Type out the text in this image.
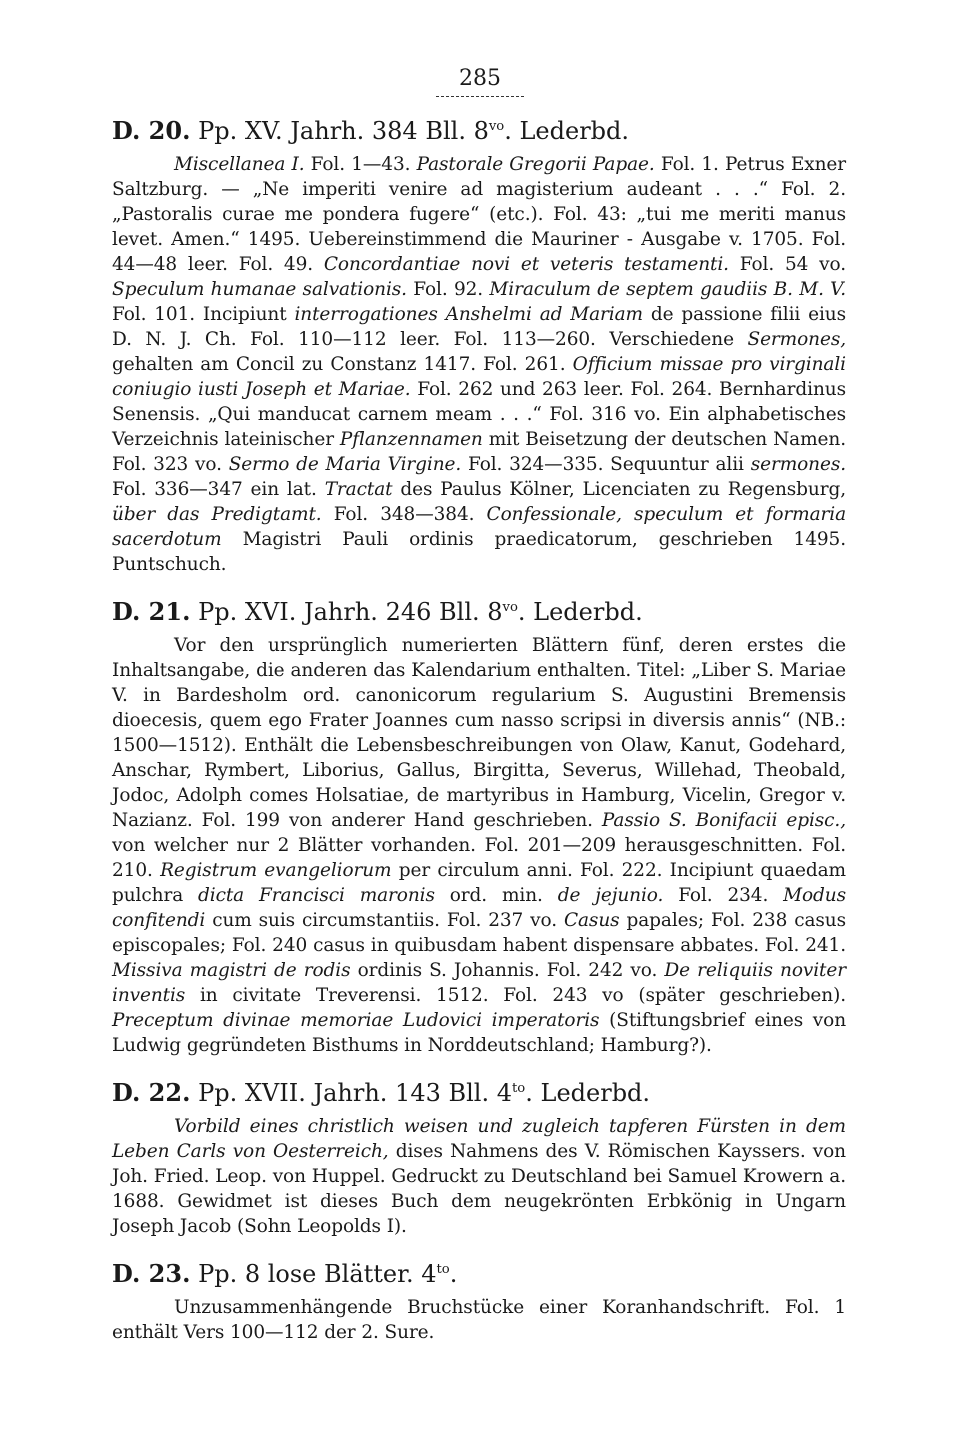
285

D. 20. Pp. XV. Jahrh. 384 Bll. $8^{vo}$. Lederbd.

Miscellanea I. Fol. 1—43. Pastorale Gregorii Papae. Fol. 1. Petrus Exner Saltzburg. — „Ne imperiti venire ad magisterium audeant . . .“ Fol. 2. „Pastoralis curae me pondera fugere“ (etc.). Fol. 43: „tui me meriti manus levet. Amen.“ 1495. Uebereinstimmend die Mauriner - Ausgabe v. 1705. Fol. 44—48 leer. Fol. 49. Concordantiae novi et veteris testamenti. Fol. 54 vo. Speculum humanae salvationis. Fol. 92. Miraculum de septem gaudiis B. M. V. Fol. 101. Incipiunt interrogationes Anshelmi ad Mariam de passione filii eius D. N. J. Ch. Fol. 110—112 leer. Fol. 113—260. Verschiedene Sermones, gehalten am Concil zu Constanz 1417. Fol. 261. Officium missae pro virginali coniugio iusti Joseph et Mariae. Fol. 262 und 263 leer. Fol. 264. Bernhardinus Senensis. „Qui manducat carnem meam . . .“ Fol. 316 vo. Ein alphabetisches Verzeichnis lateinischer Pflanzennamen mit Beisetzung der deutschen Namen. Fol. 323 vo. Sermo de Maria Virgine. Fol. 324—335. Sequuntur alii sermones. Fol. 336—347 ein lat. Tractat des Paulus Kölner, Licenciaten zu Regensburg, über das Predigtamt. Fol. 348—384. Confessionale, speculum et formaria sacerdotum Magistri Pauli ordinis praedicatorum, geschrieben 1495. Puntschuch.

D. 21. Pp. XVI. Jahrh. 246 Bll. $8^{vo}$. Lederbd.

Vor den ursprünglich numerierten Blättern fünf, deren erstes die Inhaltsangabe, die anderen das Kalendarium enthalten. Titel: „Liber S. Mariae V. in Bardesholm ord. canonicorum regularium S. Augustini Bremensis dioecesis, quem ego Frater Joannes cum nasso scripsi in diversis annis“ (NB.: 1500—1512). Enthält die Lebensbeschreibungen von Olaw, Kanut, Godehard, Anschar, Rymbert, Liborius, Gallus, Birgitta, Severus, Willehad, Theobald, Jodoc, Adolph comes Holsatiae, de martyribus in Hamburg, Vicelin, Gregor v. Nazianz. Fol. 199 von anderer Hand geschrieben. Passio S. Bonifacii episc., von welcher nur 2 Blätter vorhanden. Fol. 201—209 herausgeschnitten. Fol. 210. Registrum evangeliorum per circulum anni. Fol. 222. Incipiunt quaedam pulchra dicta Francisci maronis ord. min. de jejunio. Fol. 234. Modus confitendi cum suis circumstantiis. Fol. 237 vo. Casus papales; Fol. 238 casus episcopales; Fol. 240 casus in quibusdam habent dispensare abbates. Fol. 241. Missiva magistri de rodis ordinis S. Johannis. Fol. 242 vo. De reliquiis noviter inventis in civitate Treverensi. 1512. Fol. 243 vo (später geschrieben). Preceptum divinae memoriae Ludovici imperatoris (Stiftungsbrief eines von Ludwig gegründeten Bisthums in Norddeutschland; Hamburg?).

D. 22. Pp. XVII. Jahrh. 143 Bll. $4^{to}$. Lederbd.

Vorbild eines christlich weisen und zugleich tapferen Fürsten in dem Leben Carls von Oesterreich, dises Nahmens des V. Römischen Kayssers. von Joh. Fried. Leop. von Huppel. Gedruckt zu Deutschland bei Samuel Krowern a. 1688. Gewidmet ist dieses Buch dem neugekrönten Erbkönig in Ungarn Joseph Jacob (Sohn Leopolds I).

D. 23. Pp. 8 lose Blätter. $4^{to}$.

Unzusammenhängende Bruchstücke einer Koranhandschrift. Fol. 1 enthält Vers 100—112 der 2. Sure.
